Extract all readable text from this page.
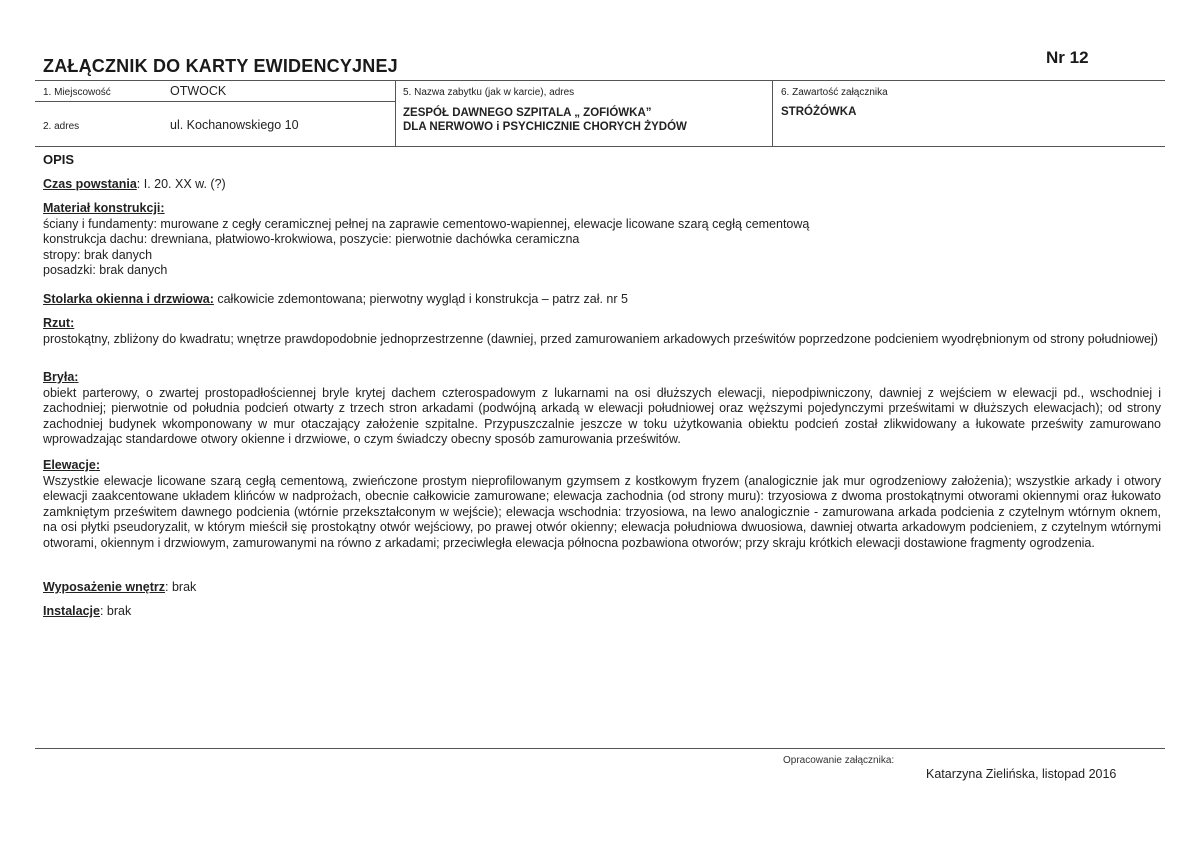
ZAŁĄCZNIK DO KARTY EWIDENCYJNEJ	Nr 12
1. Miejscowość	OTWOCK
2. adres	ul. Kochanowskiego 10
5. Nazwa zabytku (jak w karcie), adres
ZESPÓŁ DAWNEGO SZPITALA „ ZOFIÓWKA”
DLA NERWOWO i PSYCHICZNIE CHORYCH ŻYDÓW
6. Zawartość załącznika
STRÓŻÓWKA
OPIS
Czas powstania: I. 20. XX w. (?)
Materiał konstrukcji:
ściany i fundamenty: murowane z cegły ceramicznej pełnej na zaprawie cementowo-wapiennej, elewacje licowane szarą cegłą cementową
konstrukcja dachu: drewniana, płatwiowo-krokwiowa, poszycie: pierwotnie dachówka ceramiczna
stropy: brak danych
posadzki: brak danych
Stolarka okienna i drzwiowa: całkowicie zdemontowana; pierwotny wygląd i konstrukcja – patrz zał. nr 5
Rzut:
prostokątny, zbliżony do kwadratu; wnętrze prawdopodobnie jednoprzestrzenne (dawniej, przed zamurowaniem arkadowych prześwitów poprzedzone podcieniem wyodrębnionym od strony południowej)
Bryła:
obiekt parterowy, o zwartej prostopadłościennej bryle krytej dachem czterospadowym z lukarnami na osi dłuższych elewacji, niepodpiwniczony, dawniej z wejściem w elewacji pd., wschodniej i zachodniej; pierwotnie od południa podcień otwarty z trzech stron arkadami (podwójną arkadą w elewacji południowej oraz węższymi pojedynczymi prześwitami w dłuższych elewacjach); od strony zachodniej budynek wkomponowany w mur otaczający założenie szpitalne. Przypuszczalnie jeszcze w toku użytkowania obiektu podcień został zlikwidowany a łukowate prześwity zamurowano wprowadzając standardowe otwory okienne i drzwiowe, o czym świadczy obecny sposób zamurowania prześwitów.
Elewacje:
Wszystkie elewacje licowane szarą cegłą cementową, zwieńczone prostym nieprofilowanym gzymsem z kostkowym fryzem (analogicznie jak mur ogrodzeniowy założenia); wszystkie arkady i otwory elewacji zaakcentowane układem klińców w nadprożach, obecnie całkowicie zamurowane; elewacja zachodnia (od strony muru): trzyosiowa z dwoma prostokątnymi otworami okiennymi oraz łukowato zamkniętym prześwitem dawnego podcienia (wtórnie przekształconym w wejście); elewacja wschodnia: trzyosiowa, na lewo analogicznie - zamurowana arkada podcienia z czytelnym wtórnym oknem, na osi płytki pseudoryzalit, w którym mieścił się prostokątny otwór wejściowy, po prawej otwór okienny; elewacja południowa dwuosiowa, dawniej otwarta arkadowym podcieniem, z czytelnym wtórnymi otworami, okiennym i drzwiowym, zamurowanymi na równo z arkadami; przeciwległa elewacja północna pozbawiona otworów; przy skraju krótkich elewacji dostawione fragmenty ogrodzenia.
Wyposażenie wnętrz: brak
Instalacje: brak
Opracowanie załącznika:
Katarzyna Zielińska, listopad 2016
